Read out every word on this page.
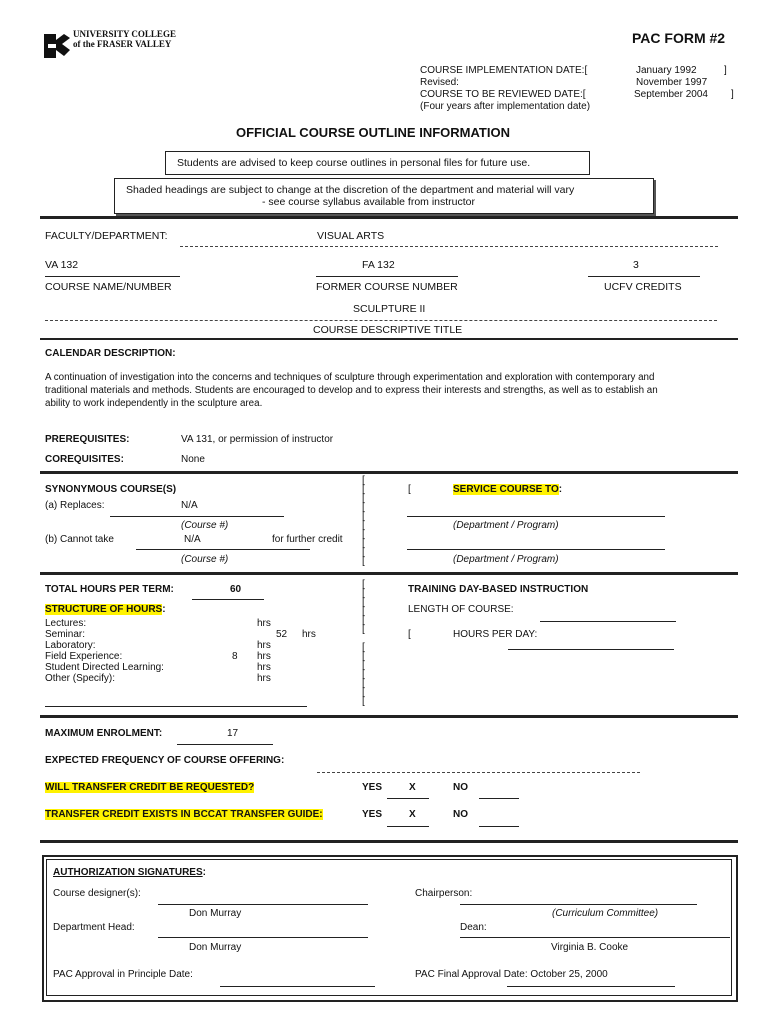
UNIVERSITY COLLEGE
of the FRASER VALLEY	PAC FORM #2
COURSE IMPLEMENTATION DATE:[	January 1992	]
Revised:	November 1997
COURSE TO BE REVIEWED DATE:[	September 2004 ]
(Four years after implementation date)
OFFICIAL COURSE OUTLINE INFORMATION
Students are advised to keep course outlines in personal files for future use.
Shaded headings are subject to change at the discretion of the department and material will vary
- see course syllabus available from instructor
FACULTY/DEPARTMENT:	VISUAL ARTS
VA 132	FA 132	3
COURSE NAME/NUMBER	FORMER COURSE NUMBER	UCFV CREDITS
SCULPTURE II
COURSE DESCRIPTIVE TITLE
CALENDAR DESCRIPTION:
A continuation of investigation into the concerns and techniques of sculpture through experimentation and exploration with contemporary and
traditional materials and methods. Students are encouraged to develop and to express their interests and strengths, as well as to establish an
ability to work independently in the sculpture area.
PREREQUISITES:	VA 131, or permission of instructor
COREQUISITES:	None
[
[
[
[
[
[
[
[
[
[
SYNONYMOUS COURSE(S)
(a) Replaces:	N/A
(Course #)
(b) Cannot take	N/A	for further credit
(Course #)
[	SERVICE COURSE TO:
(Department / Program)
(Department / Program)
[
[
[
[
[
[

[
[
[
[
[
[
[
TOTAL HOURS PER TERM:	60
STRUCTURE OF HOURS:
Lectures:	hrs
Seminar:	52 hrs
Laboratory:	hrs
Field Experience:	8 hrs
Student Directed Learning:	hrs
Other (Specify):	hrs
TRAINING DAY-BASED INSTRUCTION
LENGTH OF COURSE:
[	HOURS PER DAY:
MAXIMUM ENROLMENT:	17
EXPECTED FREQUENCY OF COURSE OFFERING:
WILL TRANSFER CREDIT BE REQUESTED?	YES	X	NO
TRANSFER CREDIT EXISTS IN BCCAT TRANSFER GUIDE:	YES	X	NO
AUTHORIZATION SIGNATURES:
Course designer(s):
Don Murray
Chairperson:
(Curriculum Committee)
Department Head:
Don Murray
Dean:
Virginia B. Cooke
PAC Approval in Principle Date:	PAC Final Approval Date: October 25, 2000
